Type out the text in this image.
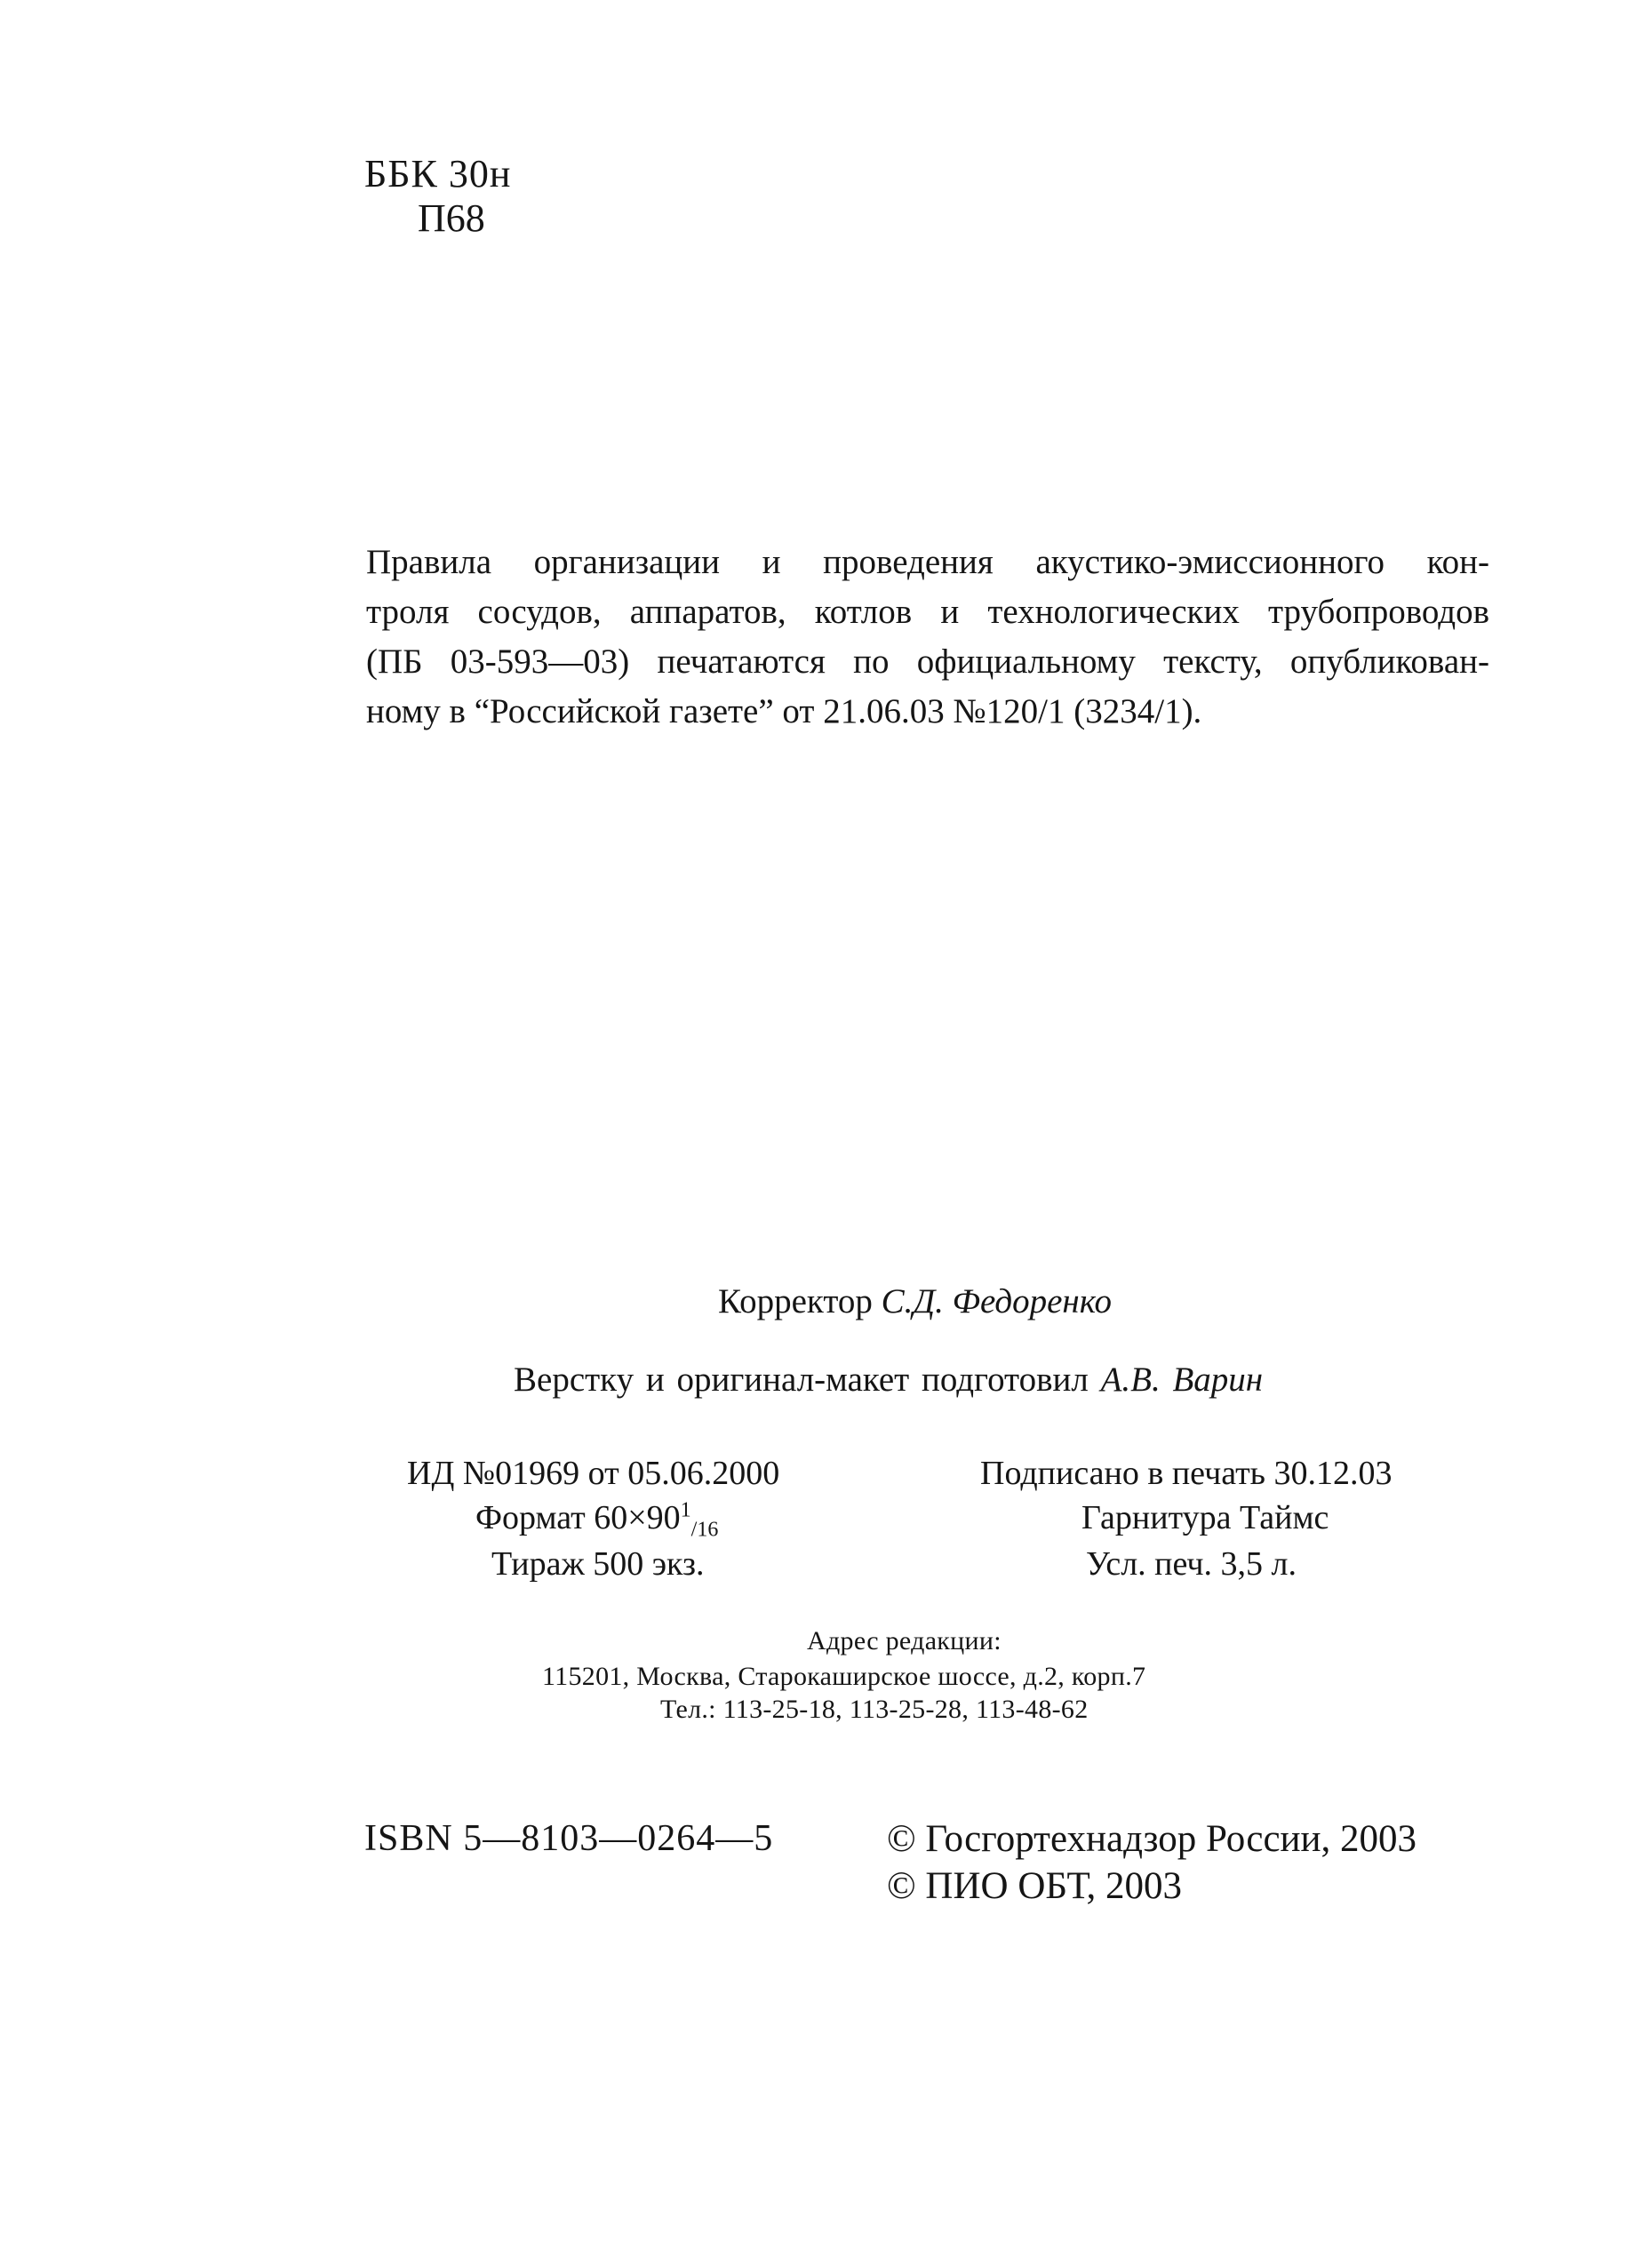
ББК 30н
П68
Правила организации и проведения акустико-эмиссионного кон-
троля сосудов, аппаратов, котлов и технологических трубопроводов
(ПБ 03-593—03) печатаются по официальному тексту, опубликован-
ному в “Российской газете” от 21.06.03 №120/1 (3234/1).
Корректор С.Д. Федоренко
Верстку и оригинал-макет подготовил А.В. Варин
ИД №01969 от 05.06.2000
Формат $60\times 90^1_{/16}$
Тираж 500 экз.
Подписано в печать 30.12.03
Гарнитура Таймс
Усл. печ. 3,5 л.
Адрес редакции:
115201, Москва, Старокаширское шоссе, д.2, корп.7
Тел.: 113-25-18, 113-25-28, 113-48-62
ISBN 5—8103—0264—5	© Госгортехнадзор России, 2003
© ПИО ОБТ, 2003
